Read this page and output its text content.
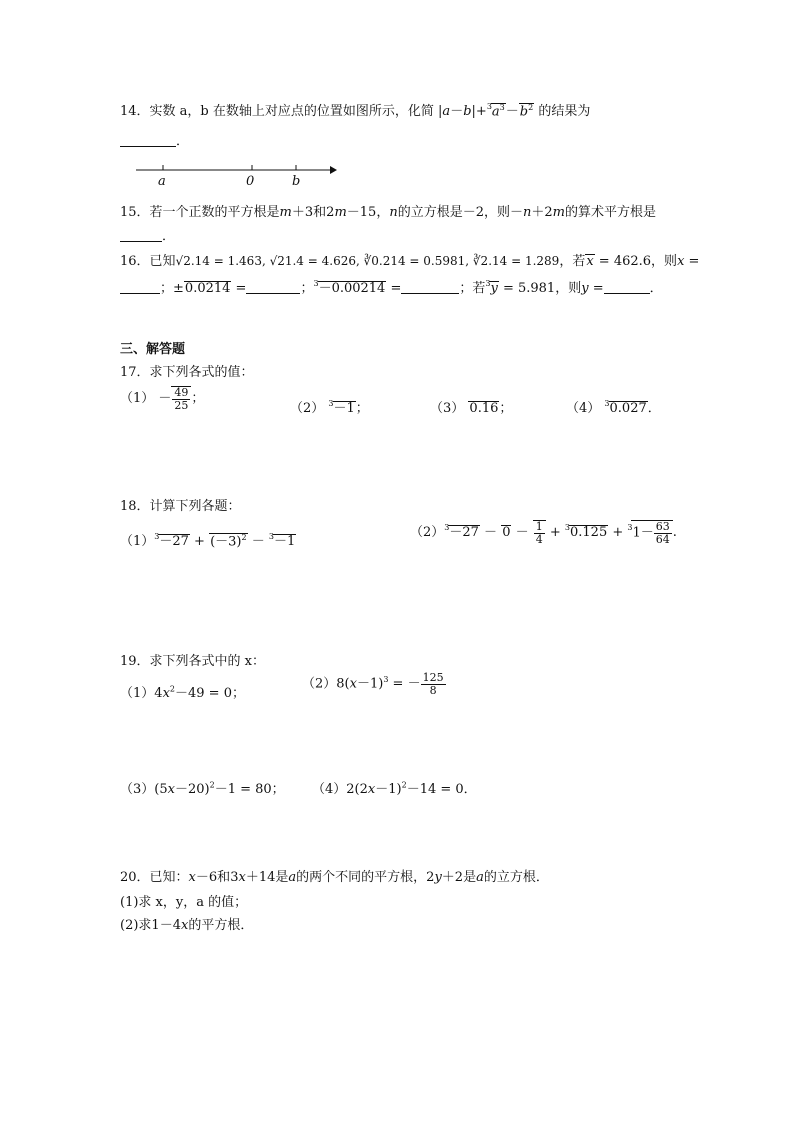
14．实数 a，b 在数轴上对应点的位置如图所示，化简 $|a-b|+^3a^3-b^2$ 的结果为
．
a	0	b
15．若一个正数的平方根是m＋3和2m－15，n的立方根是－2，则－n＋2m的算术平方根是
．
16．已知√2.14 = 1.463, √21.4 = 4.626, ∛0.214 = 0.5981, ∛2.14 = 1.289，若x = 462.6，则x =
；±0.0214 =	；$^3$－0.00214 =	；若$^3$y = 5.981，则y =	．
三、解答题
17．求下列各式的值：
$(1) - \frac{49}{25}$ ；
（2） $^3$－1；	（3） 0.16；	（4） $^3$0.027．
18．计算下列各题：
$(1)^3-27 + (-3)^2 - ^3-1$
$(2)^3-27 - 0 - \frac{1}{4} + ^30.125 + ^31- \frac{63}{64}$ .
19．求下列各式中的 x：
$(1)4x^2-49 = 0$；
$(2)8(x-1)^3$ = － $\frac{125}{8}$
$(3)(5x-20)^2-1 = 80$； $(4)2(2x-1)^2-14 = 0$．
20．已知：x－6和3x＋14是a的两个不同的平方根，2y＋2是a的立方根．
(1)求 x，y，a 的值；
(2)求1－4x的平方根．
